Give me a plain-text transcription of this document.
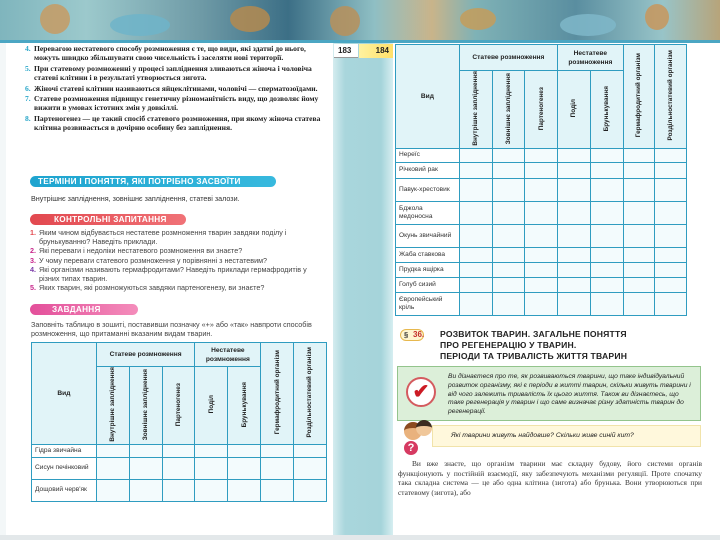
183	184
4. Перевагою нестатевого способу розмноження є те, що види, які здатні до нього, можуть швидко збільшувати свою чисельність і заселяти нові території.
5. При статевому розмноженні у процесі запліднення зливаються жіноча і чоловіча статеві клітини і в результаті утворюється зигота.
6. Жіночі статеві клітини називаються яйцеклітинами, чоловічі — сперматозоїдами.
7. Статеве розмноження підвищує генетичну різноманітність виду, що дозволяє йому вижити в умовах істотних змін у довкіллі.
8. Партеногенез — це такий спосіб статевого розмноження, при якому жіноча статева клітина розвивається в дочірню особину без запліднення.
ТЕРМІНИ І ПОНЯТТЯ, ЯКІ ПОТРІБНО ЗАСВОЇТИ
Внутрішнє запліднення, зовнішнє запліднення, статеві залози.
КОНТРОЛЬНІ ЗАПИТАННЯ
1. Яким чином відбувається нестатеве розмноження тварин завдяки поділу і брунькуванню? Наведіть приклади.
2. Які переваги і недоліки нестатевого розмноження ви знаєте?
3. У чому переваги статевого розмноження у порівнянні з нестатевим?
4. Які організми називають гермафродитами? Наведіть приклади гермафродитів у різних типах тварин.
5. Яких тварин, які розмножуються завдяки партеногенезу, ви знаєте?
ЗАВДАННЯ
Заповніть таблицю в зошиті, поставивши позначку «+» або «так» навпроти способів розмноження, що притаманні вказаним видам тварин.
Вид	Статеве розмноження			Нестатеве розмноження		Гермафродитний організм	Роздільностатевий організм
	Внутрішнє запліднення	Зовнішнє запліднення	Партеногенез	Поділ	Брунькування		
Гідра звичайна							
Сисун печінковий							
Дощовий черв'як							
Вид	Статеве розмноження			Нестатеве розмноження		Гермафродитний організм	Роздільностатевий організм
	Внутрішнє запліднення	Зовнішнє запліднення	Партеногенез	Поділ	Брунькування		
Нереїс							
Річковий рак							
Павук-хрестовик							
Бджола медоносна							
Окунь звичайний							
Жаба ставкова							
Прудка ящірка							
Голуб сизий							
Європейський кріль							
§ 36. РОЗВИТОК ТВАРИН. ЗАГАЛЬНЕ ПОНЯТТЯ
ПРО РЕГЕНЕРАЦІЮ У ТВАРИН.
ПЕРІОДИ ТА ТРИВАЛІСТЬ ЖИТТЯ ТВАРИН
✔
Ви дізнаєтеся про те, як розвиваються тварини, що таке індивідуальний розвиток організму, які є періоди в житті тварин, скільки живуть тварини і від чого залежить тривалість їх цього життя. Також ви дізнаєтесь, що таке регенерація у тварин і що саме визначає різну здатність тварин до регенерації.
Які тварини живуть найдовше? Скільки живе синій кит?
?
Ви вже знаєте, що організм тварини має складну будову, його системи органів функціонують у постійній взаємодії, яку забезпечують механізми регуляції. Проте спочатку така складна система — це або одна клітина (зигота) або брунька. Вони утворюються при статевому (зигота), або
